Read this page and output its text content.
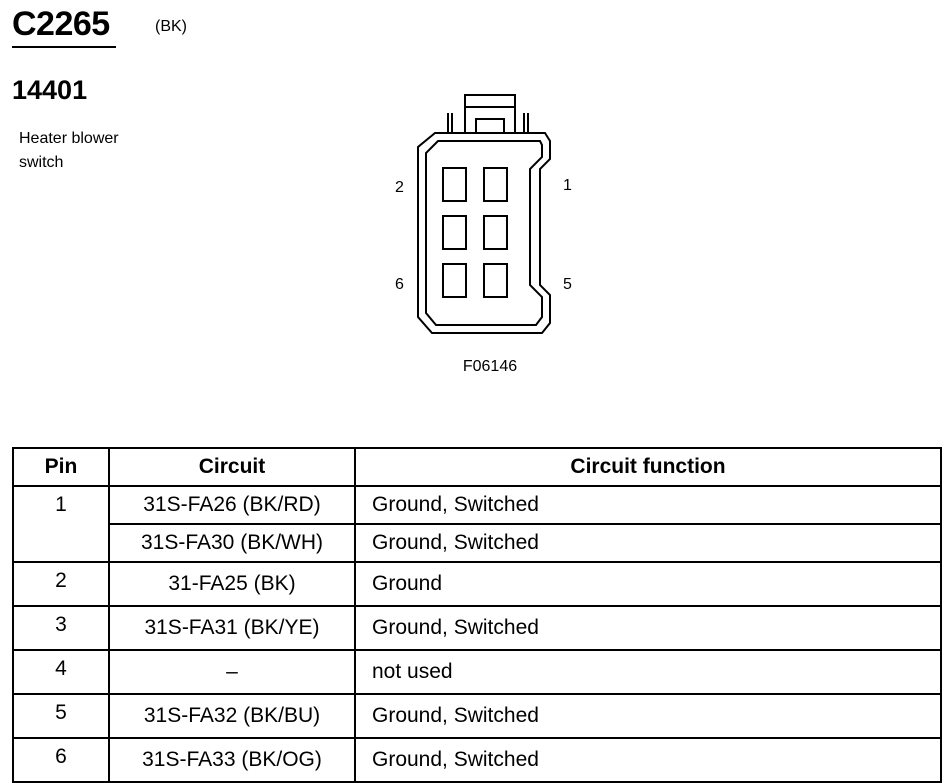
C2265	(BK)
14401
Heater blower
switch
2	1
6	5
F06146
Pin	Circuit	Circuit function
1	31S-FA26 (BK/RD)	Ground, Switched
	31S-FA30 (BK/WH)	Ground, Switched
2	31-FA25 (BK)	Ground
3	31S-FA31 (BK/YE)	Ground, Switched
4	–	not used
5	31S-FA32 (BK/BU)	Ground, Switched
6	31S-FA33 (BK/OG)	Ground, Switched
